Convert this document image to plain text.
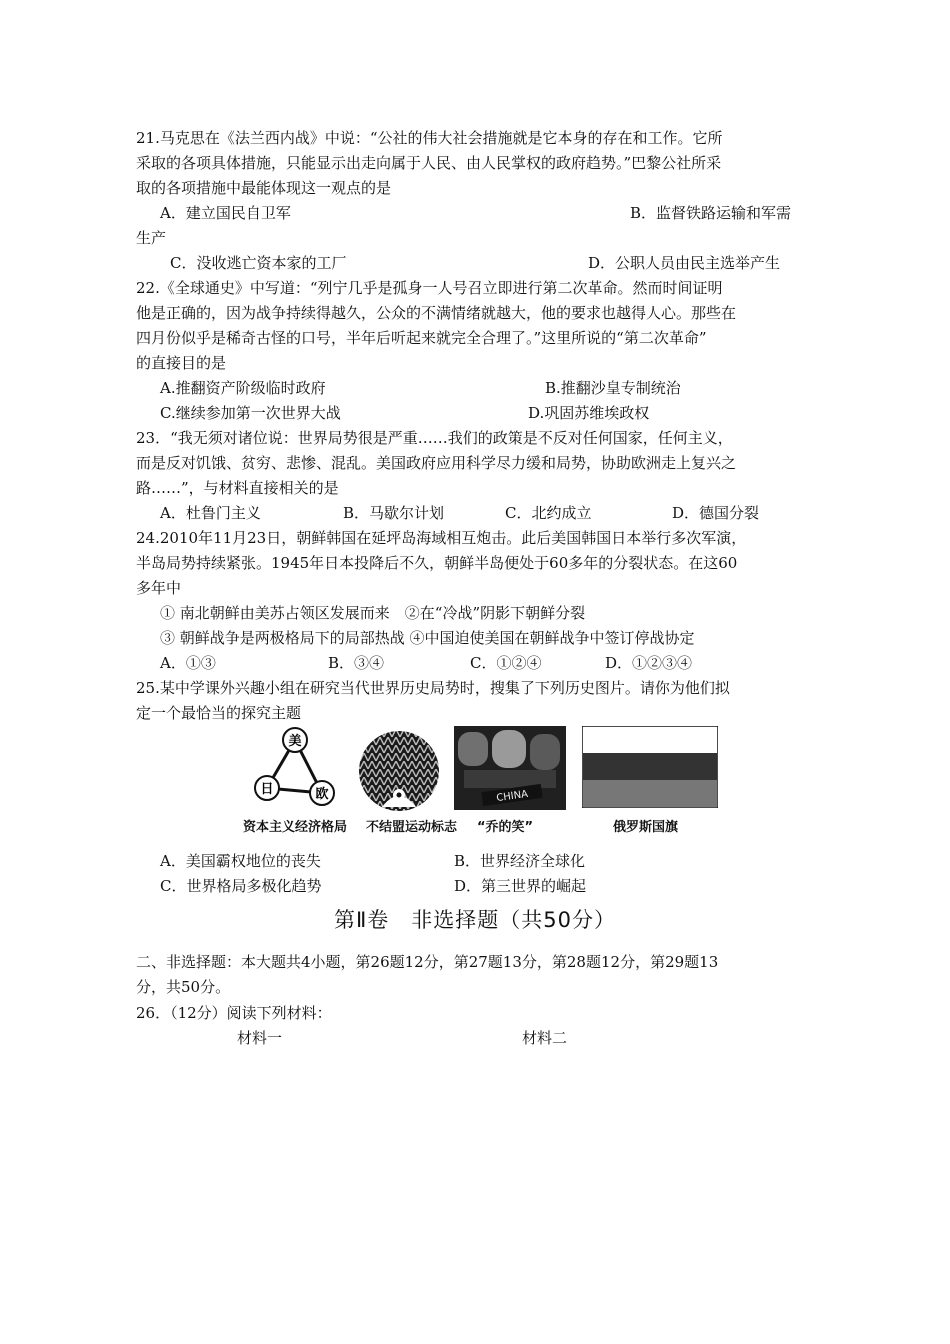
21.马克思在《法兰西内战》中说：“公社的伟大社会措施就是它本身的存在和工作。它所
采取的各项具体措施，只能显示出走向属于人民、由人民掌权的政府趋势。”巴黎公社所采
取的各项措施中最能体现这一观点的是
A．建立国民自卫军	B．监督铁路运输和军需
生产
C．没收逃亡资本家的工厂	D．公职人员由民主选举产生
22.《全球通史》中写道：“列宁几乎是孤身一人号召立即进行第二次革命。然而时间证明
他是正确的，因为战争持续得越久，公众的不满情绪就越大，他的要求也越得人心。那些在
四月份似乎是稀奇古怪的口号，半年后听起来就完全合理了。”这里所说的“第二次革命”
的直接目的是
A.推翻资产阶级临时政府	B.推翻沙皇专制统治
C.继续参加第一次世界大战	D.巩固苏维埃政权
23．“我无须对诸位说：世界局势很是严重……我们的政策是不反对任何国家，任何主义，
而是反对饥饿、贫穷、悲惨、混乱。美国政府应用科学尽力缓和局势，协助欧洲走上复兴之
路……”，与材料直接相关的是
A．杜鲁门主义	B．马歇尔计划	C．北约成立	D．德国分裂
24.2010年11月23日，朝鲜韩国在延坪岛海域相互炮击。此后美国韩国日本举行多次军演，
半岛局势持续紧张。1945年日本投降后不久，朝鲜半岛便处于60多年的分裂状态。在这60
多年中
① 南北朝鲜由美苏占领区发展而来　②在“冷战”阴影下朝鲜分裂
③ 朝鲜战争是两极格局下的局部热战 ④中国迫使美国在朝鲜战争中签订停战协定
A．①③	B．③④	C．①②④	D．①②③④
25.某中学课外兴趣小组在研究当代世界历史局势时，搜集了下列历史图片。请你为他们拟
定一个最恰当的探究主题
美
日	欧	CHINA
资本主义经济格局 不结盟运动标志 “乔的笑”	俄罗斯国旗
A．美国霸权地位的丧失	B．世界经济全球化
C．世界格局多极化趋势	D．第三世界的崛起
第Ⅱ卷　非选择题（共50分）
二、非选择题：本大题共4小题，第26题12分，第27题13分，第28题12分，第29题13
分，共50分。
26．（12分）阅读下列材料：
材料一	材料二
